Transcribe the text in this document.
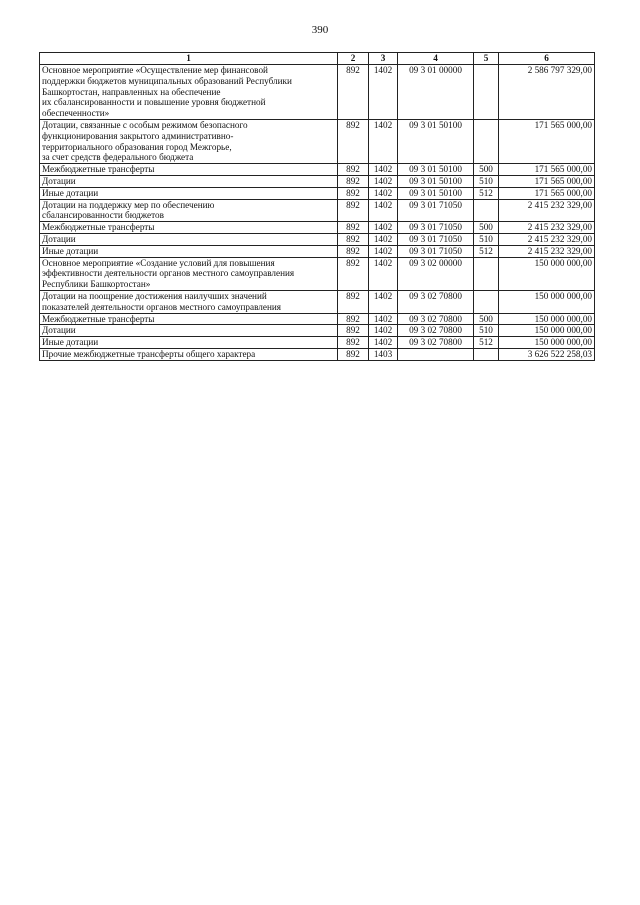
390
1	2	3	4	5	6
Основное мероприятие «Осуществление мер финансовой
поддержки бюджетов муниципальных образований Республики
Башкортостан, направленных на обеспечение
их сбалансированности и повышение уровня бюджетной
обеспеченности»	892	1402	09 3 01 00000		2 586 797 329,00
Дотации, связанные с особым режимом безопасного
функционирования закрытого административно-
территориального образования город Межгорье,
за счет средств федерального бюджета	892	1402	09 3 01 50100		171 565 000,00
Межбюджетные трансферты	892	1402	09 3 01 50100	500	171 565 000,00
Дотации	892	1402	09 3 01 50100	510	171 565 000,00
Иные дотации	892	1402	09 3 01 50100	512	171 565 000,00
Дотации на поддержку мер по обеспечению
сбалансированности бюджетов	892	1402	09 3 01 71050		2 415 232 329,00
Межбюджетные трансферты	892	1402	09 3 01 71050	500	2 415 232 329,00
Дотации	892	1402	09 3 01 71050	510	2 415 232 329,00
Иные дотации	892	1402	09 3 01 71050	512	2 415 232 329,00
Основное мероприятие «Создание условий для повышения
эффективности деятельности органов местного самоуправления
Республики Башкортостан»	892	1402	09 3 02 00000		150 000 000,00
Дотации на поощрение достижения наилучших значений
показателей деятельности органов местного самоуправления	892	1402	09 3 02 70800		150 000 000,00
Межбюджетные трансферты	892	1402	09 3 02 70800	500	150 000 000,00
Дотации	892	1402	09 3 02 70800	510	150 000 000,00
Иные дотации	892	1402	09 3 02 70800	512	150 000 000,00
Прочие межбюджетные трансферты общего характера	892	1403			3 626 522 258,03
